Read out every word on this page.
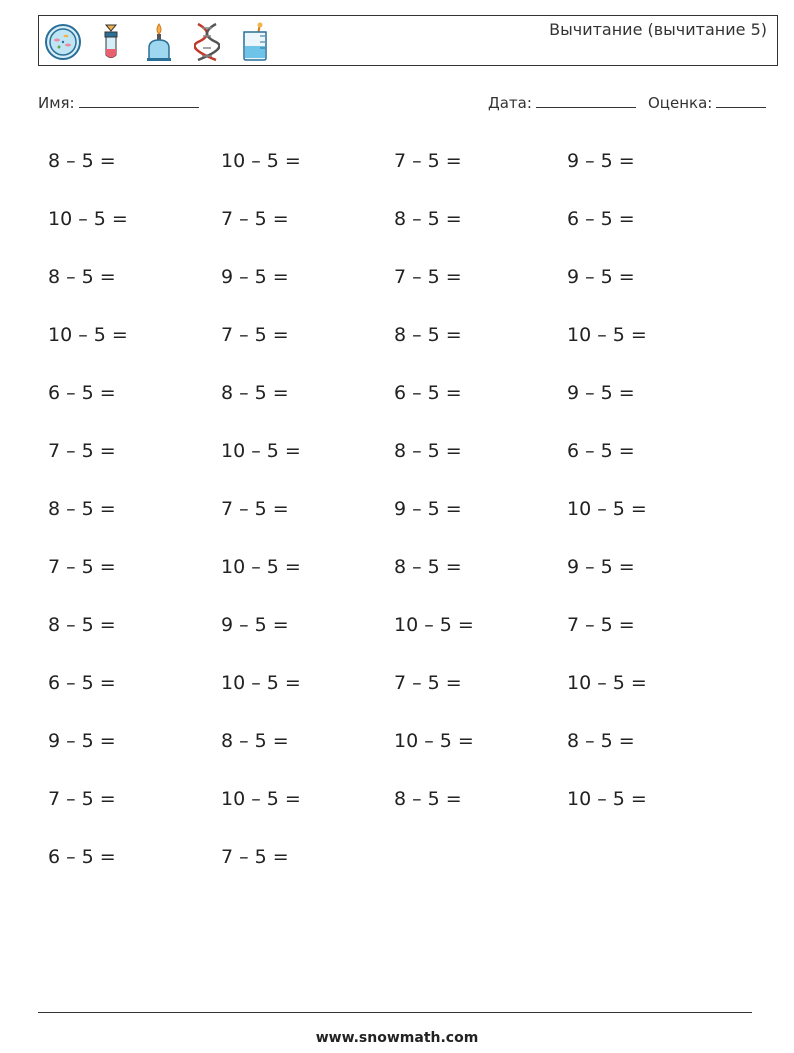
Вычитание (вычитание 5)
Имя:	Дата:	Оценка:
8 – 5 =	10 – 5 =	7 – 5 =	9 – 5 =
10 – 5 =	7 – 5 =	8 – 5 =	6 – 5 =
8 – 5 =	9 – 5 =	7 – 5 =	9 – 5 =
10 – 5 =	7 – 5 =	8 – 5 =	10 – 5 =
6 – 5 =	8 – 5 =	6 – 5 =	9 – 5 =
7 – 5 =	10 – 5 =	8 – 5 =	6 – 5 =
8 – 5 =	7 – 5 =	9 – 5 =	10 – 5 =
7 – 5 =	10 – 5 =	8 – 5 =	9 – 5 =
8 – 5 =	9 – 5 =	10 – 5 =	7 – 5 =
6 – 5 =	10 – 5 =	7 – 5 =	10 – 5 =
9 – 5 =	8 – 5 =	10 – 5 =	8 – 5 =
7 – 5 =	10 – 5 =	8 – 5 =	10 – 5 =
6 – 5 =	7 – 5 =
www.snowmath.com
